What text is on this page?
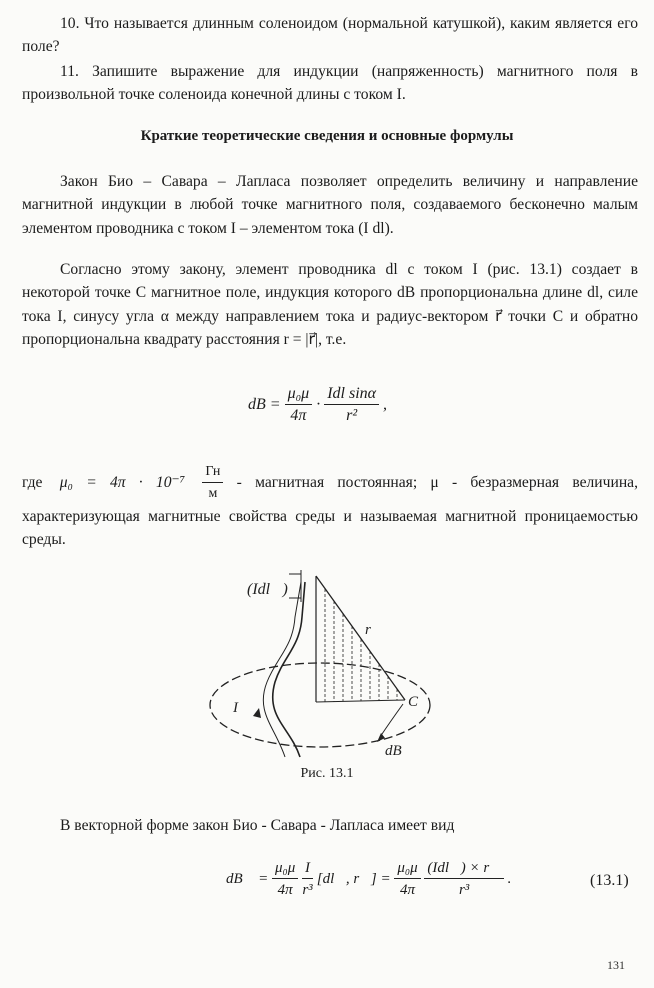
10. Что называется длинным соленоидом (нормальной катушкой), каким является его поле?

11. Запишите выражение для индукции (напряженность) магнитного поля в произвольной точке соленоида конечной длины с током I.

Краткие теоретические сведения и основные формулы

Закон Био – Савара – Лапласа позволяет определить величину и направление магнитной индукции в любой точке магнитного поля, создаваемого бесконечно малым элементом проводника с током I – элементом тока (I dl).

Согласно этому закону, элемент проводника dl с током I (рис. 13.1) создает в некоторой точке C магнитное поле, индукция которого dB пропорциональна длине dl, силе тока I, синусу угла α между направлением тока и радиус-вектором r⃗ точки C и обратно пропорциональна квадрату расстояния r = |r⃗|, т.е.

dB = $\frac{\text{μ₀μ}}{4\pi} \cdot \frac{\text{Idl sinα}}{\text{r²}}$ ,
где $\mu_0 = 4\pi \cdot 10^{-7} \frac{Гн}{м}$ - магнитная постоянная; μ - безразмерная величина, характеризующая магнитные свойства среды и называемая магнитной проницаемостью среды.
(Idl⃗)
r⃗
C
I
dB⃗

Рис. 13.1

В векторной форме закон Био - Савара - Лапласа имеет вид

dB⃗ = $\frac{\text{μ₀μ}}{4\pi}$
$\frac{I}{\text{r³}}$ [dl⃗, r⃗] = $\frac{\text{μ₀μ}}{4\pi}$
$\frac{\text{(Idl⃗) × r⃗}}{\text{r³}}$ .	(13.1)
131
